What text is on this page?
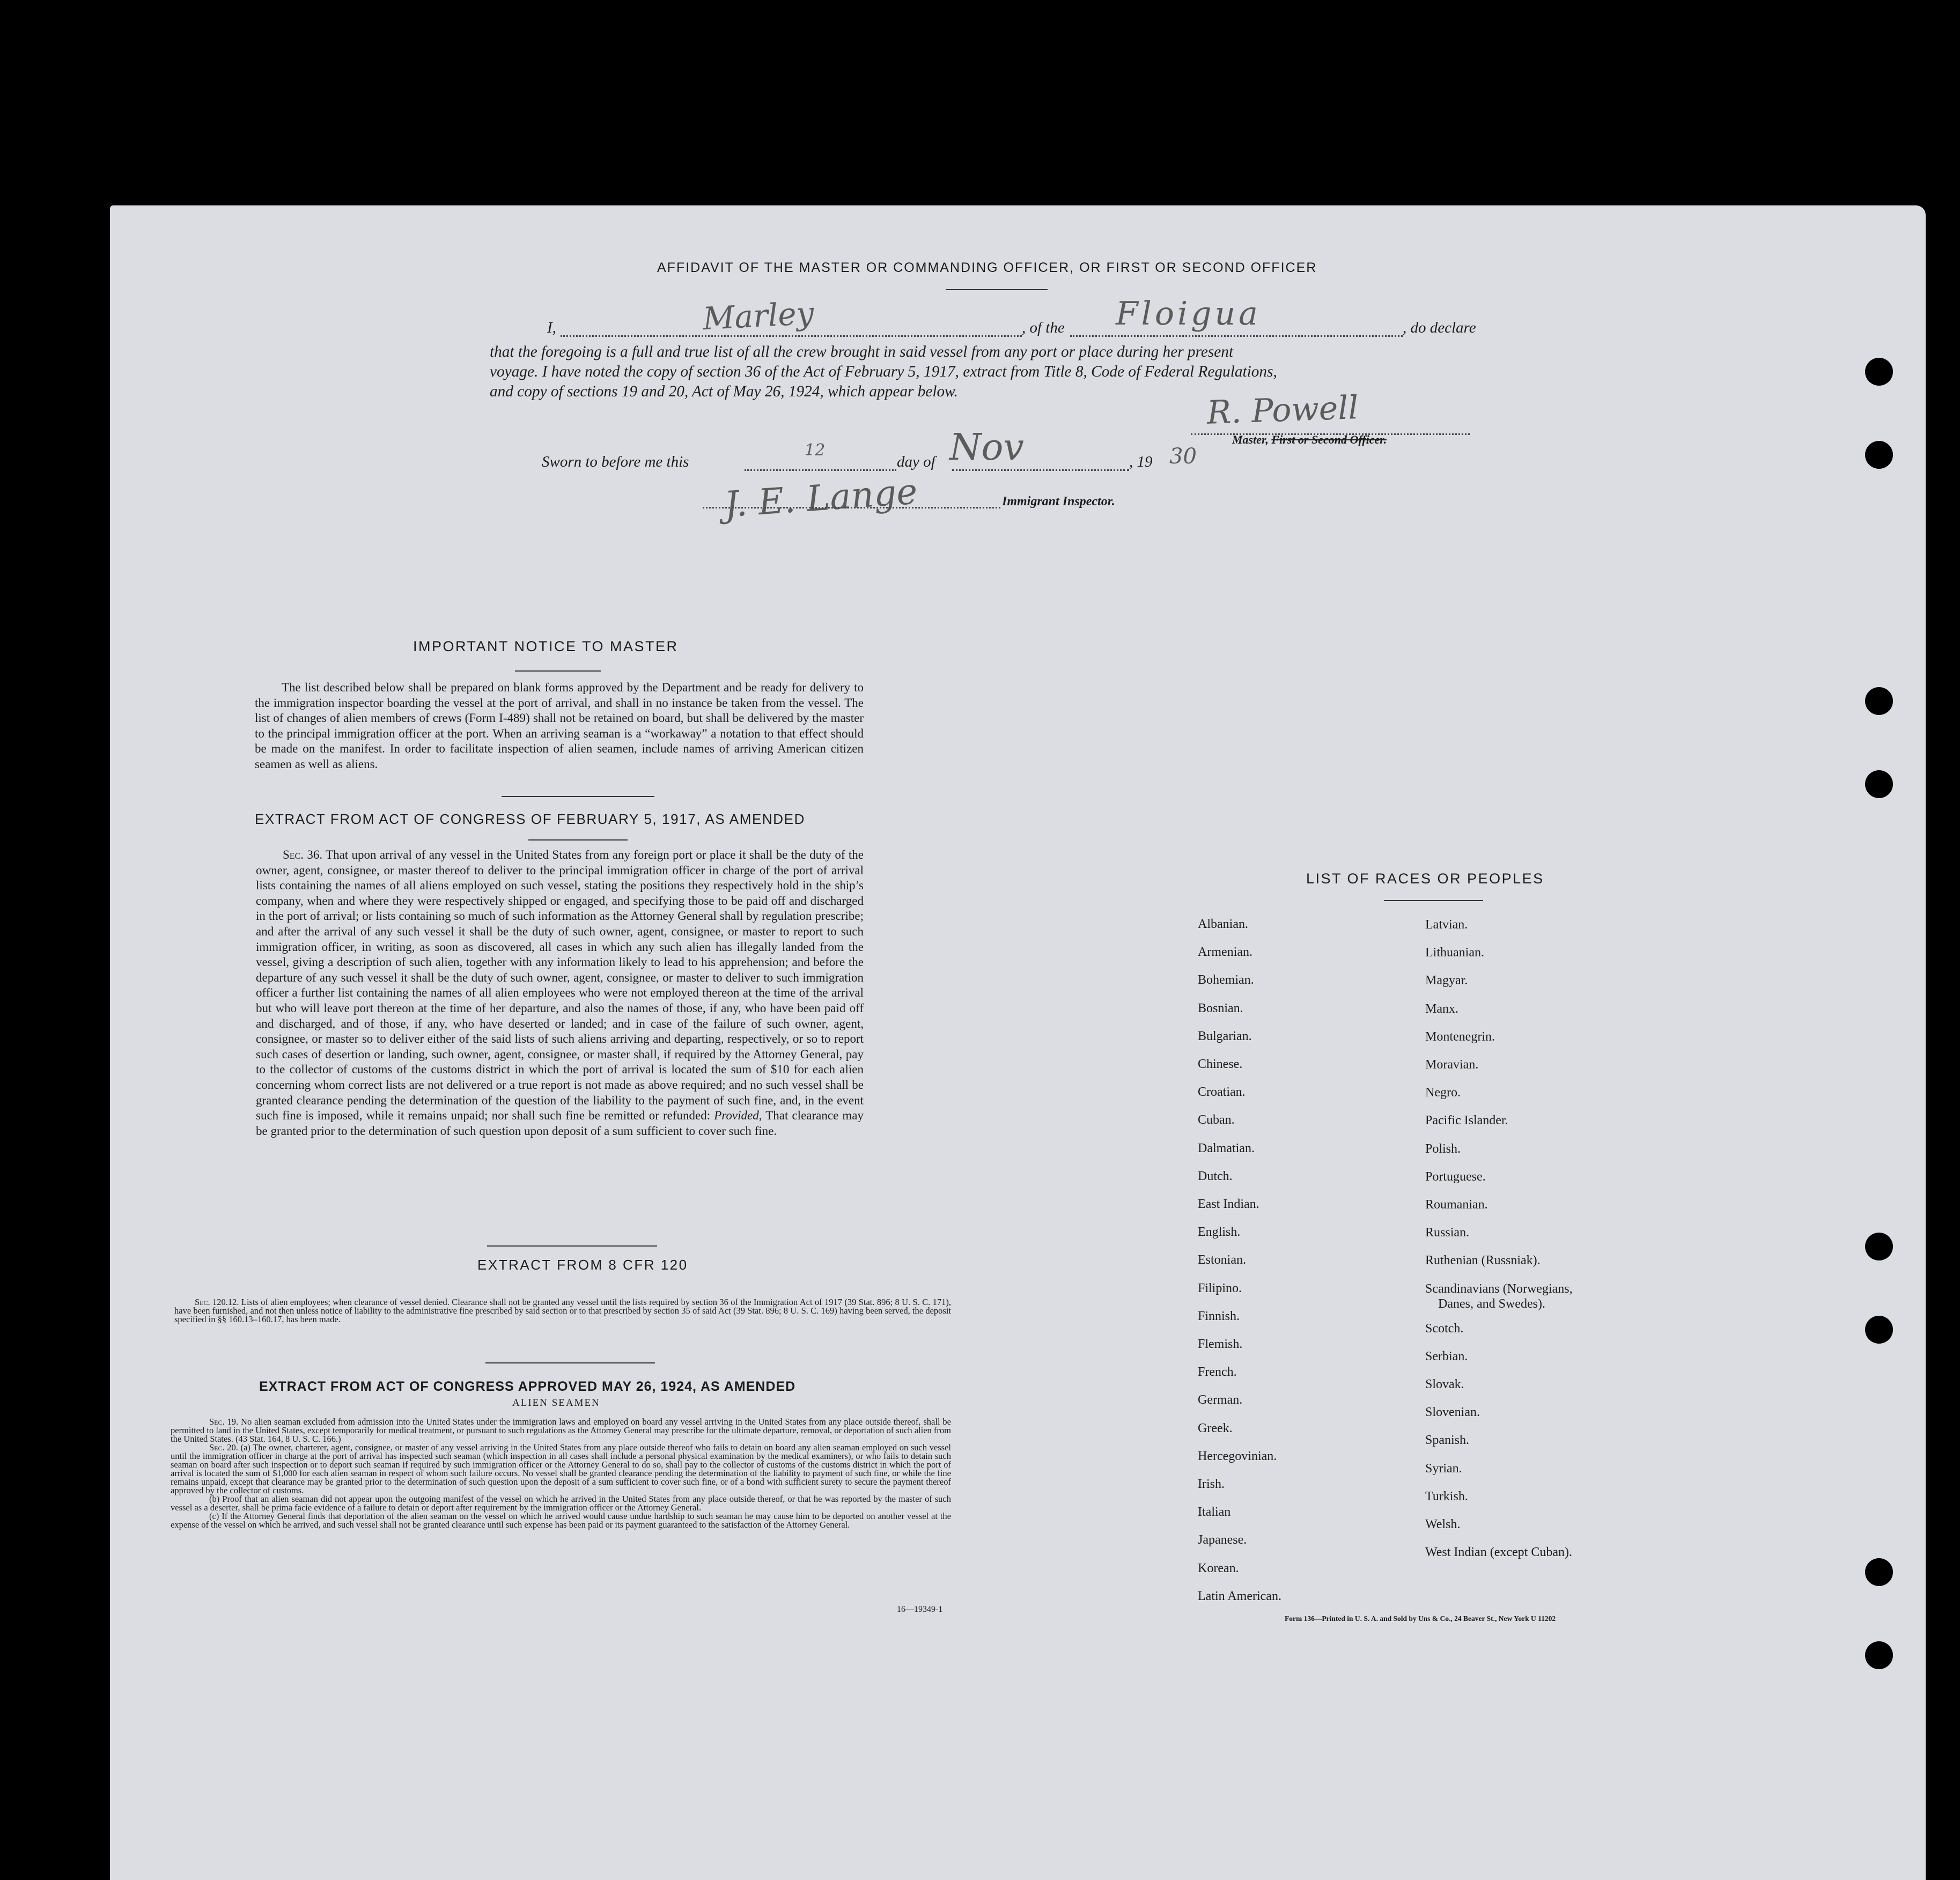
AFFIDAVIT OF THE MASTER OR COMMANDING OFFICER, OR FIRST OR SECOND OFFICER
I,	Marley	, of the Floigua	, do declare
that the foregoing is a full and true list of all the crew brought in said vessel from any port or place during her present
voyage. I have noted the copy of section 36 of the Act of February 5, 1917, extract from Title 8, Code of Federal Regulations,
and copy of sections 19 and 20, Act of May 26, 1924, which appear below.	R. Powell
Master, First or Second Officer.
Sworn to before me this
12
day of Nov	, 19 30
J. E. Lange	Immigrant Inspector.
IMPORTANT NOTICE TO MASTER
The list described below shall be prepared on blank forms approved by the Department and be ready for delivery to the immigration inspector boarding the vessel at the port of arrival, and shall in no instance be taken from the vessel. The list of changes of alien members of crews (Form I-489) shall not be retained on board, but shall be delivered by the master to the principal immigration officer at the port. When an arriving seaman is a “workaway” a notation to that effect should be made on the manifest. In order to facilitate inspection of alien seamen, include names of arriving American citizen seamen as well as aliens.
EXTRACT FROM ACT OF CONGRESS OF FEBRUARY 5, 1917, AS AMENDED
Sec. 36. That upon arrival of any vessel in the United States from any foreign port or place it shall be the duty of the owner, agent, consignee, or master thereof to deliver to the principal immigration officer in charge of the port of arrival lists containing the names of all aliens employed on such vessel, stating the positions they respectively hold in the ship’s company, when and where they were respectively shipped or engaged, and specifying those to be paid off and discharged in the port of arrival; or lists containing so much of such information as the Attorney General shall by regulation prescribe; and after the arrival of any such vessel it shall be the duty of such owner, agent, consignee, or master to report to such immigration officer, in writing, as soon as discovered, all cases in which any such alien has illegally landed from the vessel, giving a description of such alien, together with any information likely to lead to his apprehension; and before the departure of any such vessel it shall be the duty of such owner, agent, consignee, or master to deliver to such immigration officer a further list containing the names of all alien employees who were not employed thereon at the time of the arrival but who will leave port thereon at the time of her departure, and also the names of those, if any, who have been paid off and discharged, and of those, if any, who have deserted or landed; and in case of the failure of such owner, agent, consignee, or master so to deliver either of the said lists of such aliens arriving and departing, respectively, or so to report such cases of desertion or landing, such owner, agent, consignee, or master shall, if required by the Attorney General, pay to the collector of customs of the customs district in which the port of arrival is located the sum of $10 for each alien concerning whom correct lists are not delivered or a true report is not made as above required; and no such vessel shall be granted clearance pending the determination of the question of the liability to the payment of such fine, and, in the event such fine is imposed, while it remains unpaid; nor shall such fine be remitted or refunded: Provided, That clearance may be granted prior to the determination of such question upon deposit of a sum sufficient to cover such fine.
EXTRACT FROM 8 CFR 120
Sec. 120.12. Lists of alien employees; when clearance of vessel denied. Clearance shall not be granted any vessel until the lists required by section 36 of the Immigration Act of 1917 (39 Stat. 896; 8 U. S. C. 171), have been furnished, and not then unless notice of liability to the administrative fine prescribed by said section or to that prescribed by section 35 of said Act (39 Stat. 896; 8 U. S. C. 169) having been served, the deposit specified in §§ 160.13–160.17, has been made.
EXTRACT FROM ACT OF CONGRESS APPROVED MAY 26, 1924, AS AMENDED
ALIEN SEAMEN
Sec. 19. No alien seaman excluded from admission into the United States under the immigration laws and employed on board any vessel arriving in the United States from any place outside thereof, shall be permitted to land in the United States, except temporarily for medical treatment, or pursuant to such regulations as the Attorney General may prescribe for the ultimate departure, removal, or deportation of such alien from the United States. (43 Stat. 164, 8 U. S. C. 166.)
Sec. 20. (a) The owner, charterer, agent, consignee, or master of any vessel arriving in the United States from any place outside thereof who fails to detain on board any alien seaman employed on such vessel until the immigration officer in charge at the port of arrival has inspected such seaman (which inspection in all cases shall include a personal physical examination by the medical examiners), or who fails to detain such seaman on board after such inspection or to deport such seaman if required by such immigration officer or the Attorney General to do so, shall pay to the collector of customs of the customs district in which the port of arrival is located the sum of $1,000 for each alien seaman in respect of whom such failure occurs. No vessel shall be granted clearance pending the determination of the liability to payment of such fine, or while the fine remains unpaid, except that clearance may be granted prior to the determination of such question upon the deposit of a sum sufficient to cover such fine, or of a bond with sufficient surety to secure the payment thereof approved by the collector of customs.
(b) Proof that an alien seaman did not appear upon the outgoing manifest of the vessel on which he arrived in the United States from any place outside thereof, or that he was reported by the master of such vessel as a deserter, shall be prima facie evidence of a failure to detain or deport after requirement by the immigration officer or the Attorney General.
(c) If the Attorney General finds that deportation of the alien seaman on the vessel on which he arrived would cause undue hardship to such seaman he may cause him to be deported on another vessel at the expense of the vessel on which he arrived, and such vessel shall not be granted clearance until such expense has been paid or its payment guaranteed to the satisfaction of the Attorney General.
16—19349-1
LIST OF RACES OR PEOPLES
Albanian.
Armenian.
Bohemian.
Bosnian.
Bulgarian.
Chinese.
Croatian.
Cuban.
Dalmatian.
Dutch.
East Indian.
English.
Estonian.
Filipino.
Finnish.
Flemish.
French.
German.
Greek.
Hercegovinian.
Irish.
Italian
Japanese.
Korean.
Latin American.
Latvian.
Lithuanian.
Magyar.
Manx.
Montenegrin.
Moravian.
Negro.
Pacific Islander.
Polish.
Portuguese.
Roumanian.
Russian.
Ruthenian (Russniak).
Scandinavians (Norwegians,
Danes, and Swedes).
Scotch.
Serbian.
Slovak.
Slovenian.
Spanish.
Syrian.
Turkish.
Welsh.
West Indian (except Cuban).
Form 136—Printed in U. S. A. and Sold by Uns & Co., 24 Beaver St., New York U 11202
